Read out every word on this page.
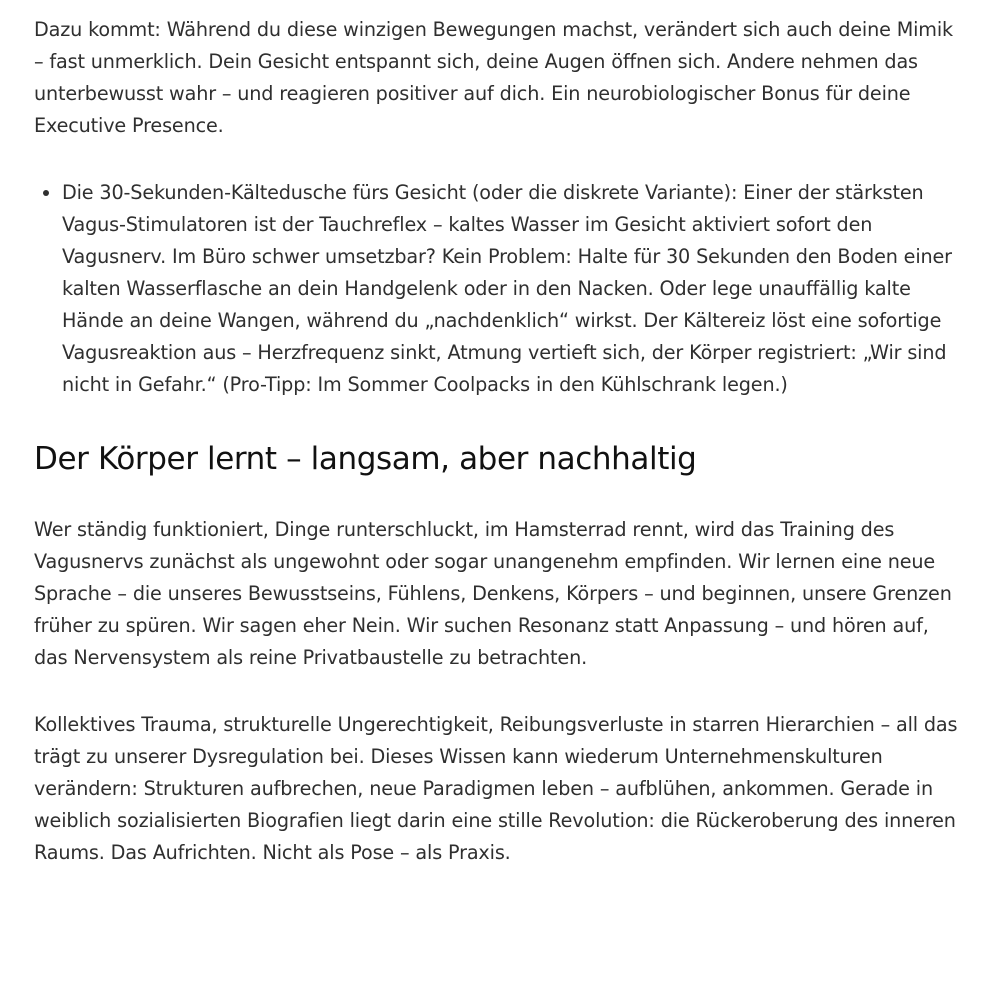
Dazu kommt: Während du diese winzigen Bewegungen machst, verändert sich auch deine Mimik – fast unmerklich. Dein Gesicht entspannt sich, deine Augen öffnen sich. Andere nehmen das unterbewusst wahr – und reagieren positiver auf dich. Ein neurobiologischer Bonus für deine Executive Presence.

• Die 30-Sekunden-Kältedusche fürs Gesicht (oder die diskrete Variante): Einer der stärksten Vagus-Stimulatoren ist der Tauchreflex – kaltes Wasser im Gesicht aktiviert sofort den Vagusnerv. Im Büro schwer umsetzbar? Kein Problem: Halte für 30 Sekunden den Boden einer kalten Wasserflasche an dein Handgelenk oder in den Nacken. Oder lege unauffällig kalte Hände an deine Wangen, während du „nachdenklich“ wirkst. Der Kältereiz löst eine sofortige Vagusreaktion aus – Herzfrequenz sinkt, Atmung vertieft sich, der Körper registriert: „Wir sind nicht in Gefahr.“ (Pro-Tipp: Im Sommer Coolpacks in den Kühlschrank legen.)
Der Körper lernt – langsam, aber nachhaltig

Wer ständig funktioniert, Dinge runterschluckt, im Hamsterrad rennt, wird das Training des Vagusnervs zunächst als ungewohnt oder sogar unangenehm empfinden. Wir lernen eine neue Sprache – die unseres Bewusstseins, Fühlens, Denkens, Körpers – und beginnen, unsere Grenzen früher zu spüren. Wir sagen eher Nein. Wir suchen Resonanz statt Anpassung – und hören auf, das Nervensystem als reine Privatbaustelle zu betrachten.

Kollektives Trauma, strukturelle Ungerechtigkeit, Reibungsverluste in starren Hierarchien – all das trägt zu unserer Dysregulation bei. Dieses Wissen kann wiederum Unternehmenskulturen verändern: Strukturen aufbrechen, neue Paradigmen leben – aufblühen, ankommen. Gerade in weiblich sozialisierten Biografien liegt darin eine stille Revolution: die Rückeroberung des inneren Raums. Das Aufrichten. Nicht als Pose – als Praxis.
